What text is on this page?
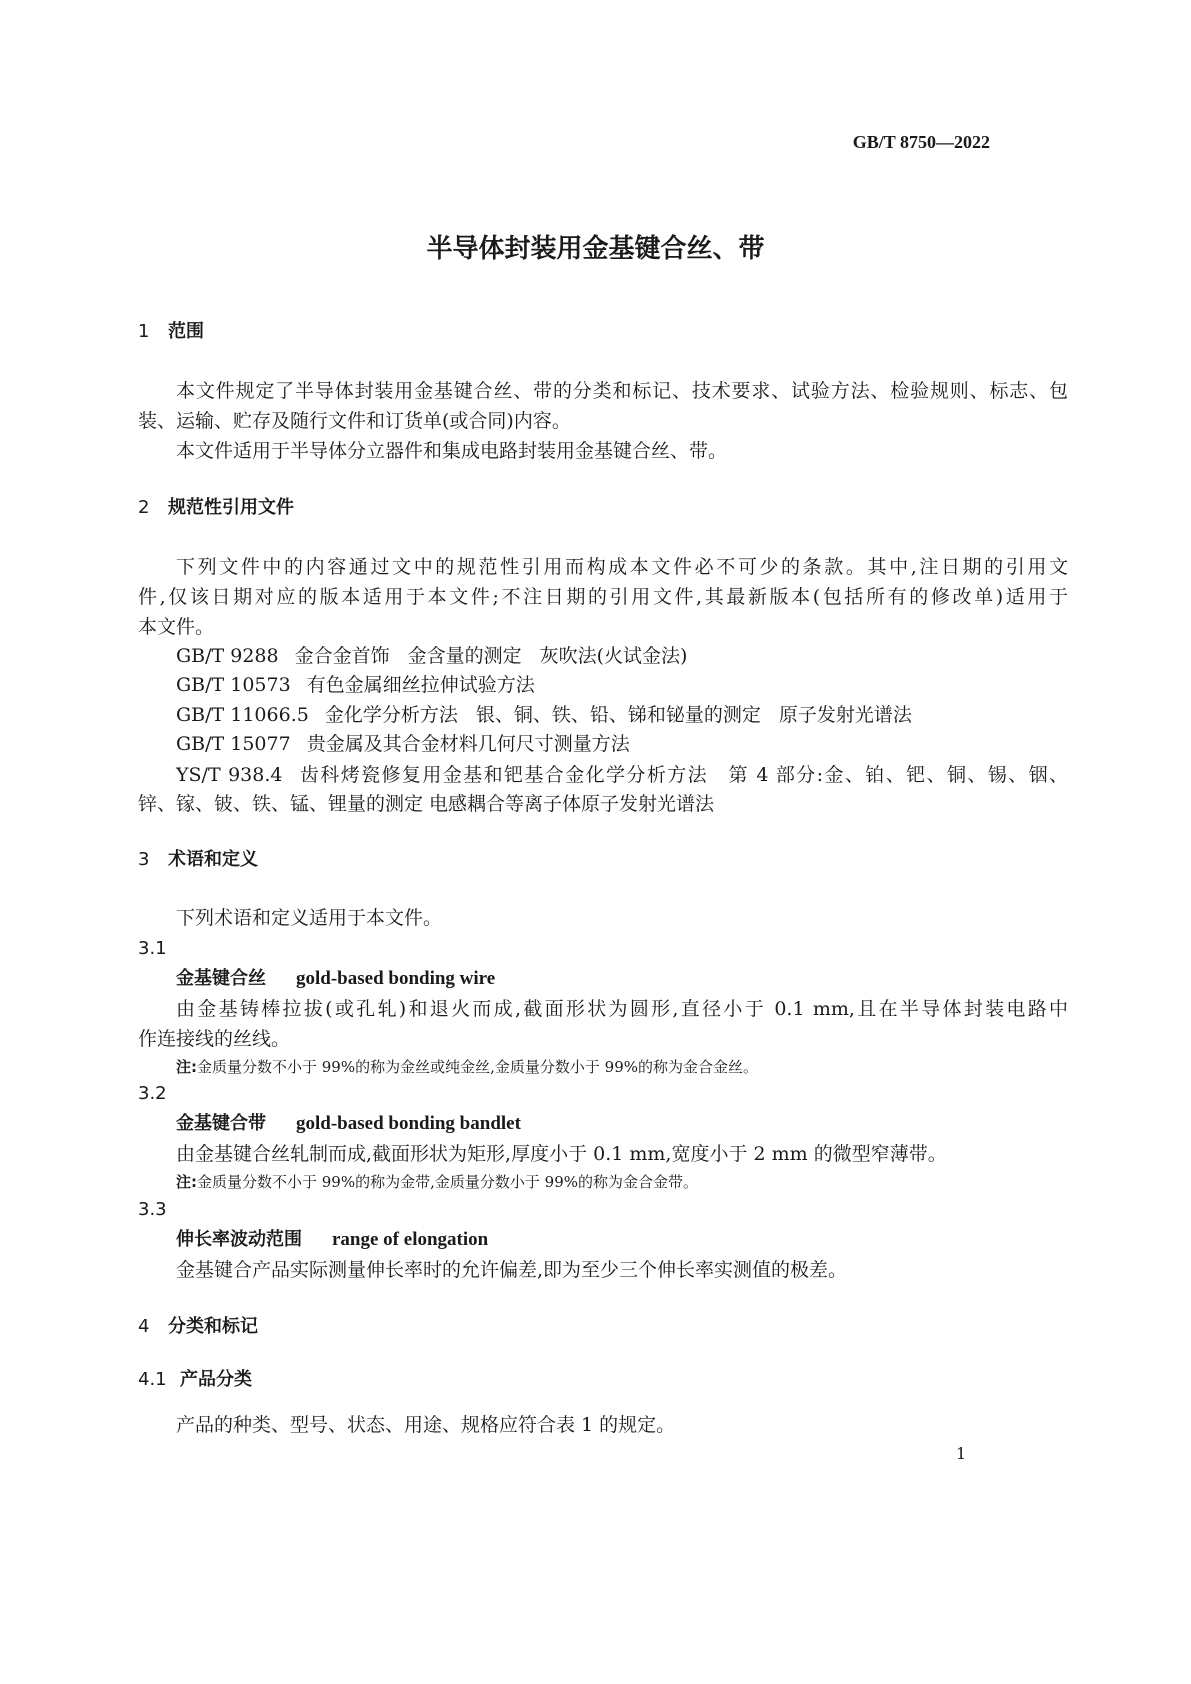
GB/T 8750—2022
半导体封装用金基键合丝、带
1 范围
本文件规定了半导体封装用金基键合丝、带的分类和标记、技术要求、试验方法、检验规则、标志、包
装、运输、贮存及随行文件和订货单(或合同)内容。
本文件适用于半导体分立器件和集成电路封装用金基键合丝、带。
2 规范性引用文件
下列文件中的内容通过文中的规范性引用而构成本文件必不可少的条款。其中,注日期的引用文
件,仅该日期对应的版本适用于本文件;不注日期的引用文件,其最新版本(包括所有的修改单)适用于
本文件。
GB/T 9288 金合金首饰 金含量的测定 灰吹法(火试金法)
GB/T 10573 有色金属细丝拉伸试验方法
GB/T 11066.5 金化学分析方法 银、铜、铁、铅、锑和铋量的测定 原子发射光谱法
GB/T 15077 贵金属及其合金材料几何尺寸测量方法
YS/T 938.4 齿科烤瓷修复用金基和钯基合金化学分析方法　第 4 部分:金、铂、钯、铜、锡、铟、
锌、镓、铍、铁、锰、锂量的测定 电感耦合等离子体原子发射光谱法
3 术语和定义
下列术语和定义适用于本文件。
3.1
金基键合丝 gold-based bonding wire
由金基铸棒拉拔(或孔轧)和退火而成,截面形状为圆形,直径小于 0.1 mm,且在半导体封装电路中
作连接线的丝线。
注:金质量分数不小于 99%的称为金丝或纯金丝,金质量分数小于 99%的称为金合金丝。
3.2
金基键合带 gold-based bonding bandlet
由金基键合丝轧制而成,截面形状为矩形,厚度小于 0.1 mm,宽度小于 2 mm 的微型窄薄带。
注:金质量分数不小于 99%的称为金带,金质量分数小于 99%的称为金合金带。
3.3
伸长率波动范围 range of elongation
金基键合产品实际测量伸长率时的允许偏差,即为至少三个伸长率实测值的极差。
4 分类和标记
4.1 产品分类
产品的种类、型号、状态、用途、规格应符合表 1 的规定。
1
